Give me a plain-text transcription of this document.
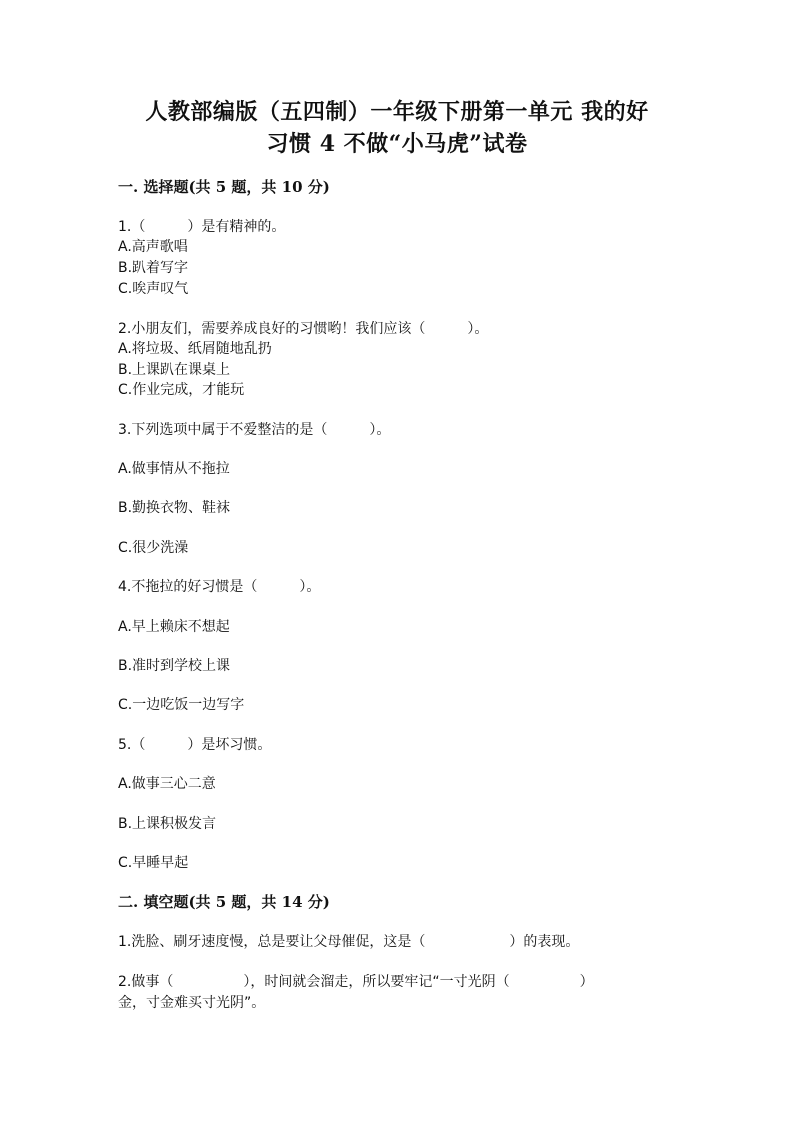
人教部编版（五四制）一年级下册第一单元 我的好
习惯 4 不做“小马虎”试卷
一. 选择题(共 5 题，共 10 分)
1.（　　　）是有精神的。
A.高声歌唱
B.趴着写字
C.唉声叹气
2.小朋友们，需要养成良好的习惯哟！我们应该（　　　）。
A.将垃圾、纸屑随地乱扔
B.上课趴在课桌上
C.作业完成，才能玩
3.下列选项中属于不爱整洁的是（　　　）。
A.做事情从不拖拉
B.勤换衣物、鞋袜
C.很少洗澡
4.不拖拉的好习惯是（　　　）。
A.早上赖床不想起
B.准时到学校上课
C.一边吃饭一边写字
5.（　　　）是坏习惯。
A.做事三心二意
B.上课积极发言
C.早睡早起
二. 填空题(共 5 题，共 14 分)
1.洗脸、刷牙速度慢，总是要让父母催促，这是（　　　　　　）的表现。
2.做事（　　　　　），时间就会溜走，所以要牢记“一寸光阴（　　　　　）
金，寸金难买寸光阴”。
